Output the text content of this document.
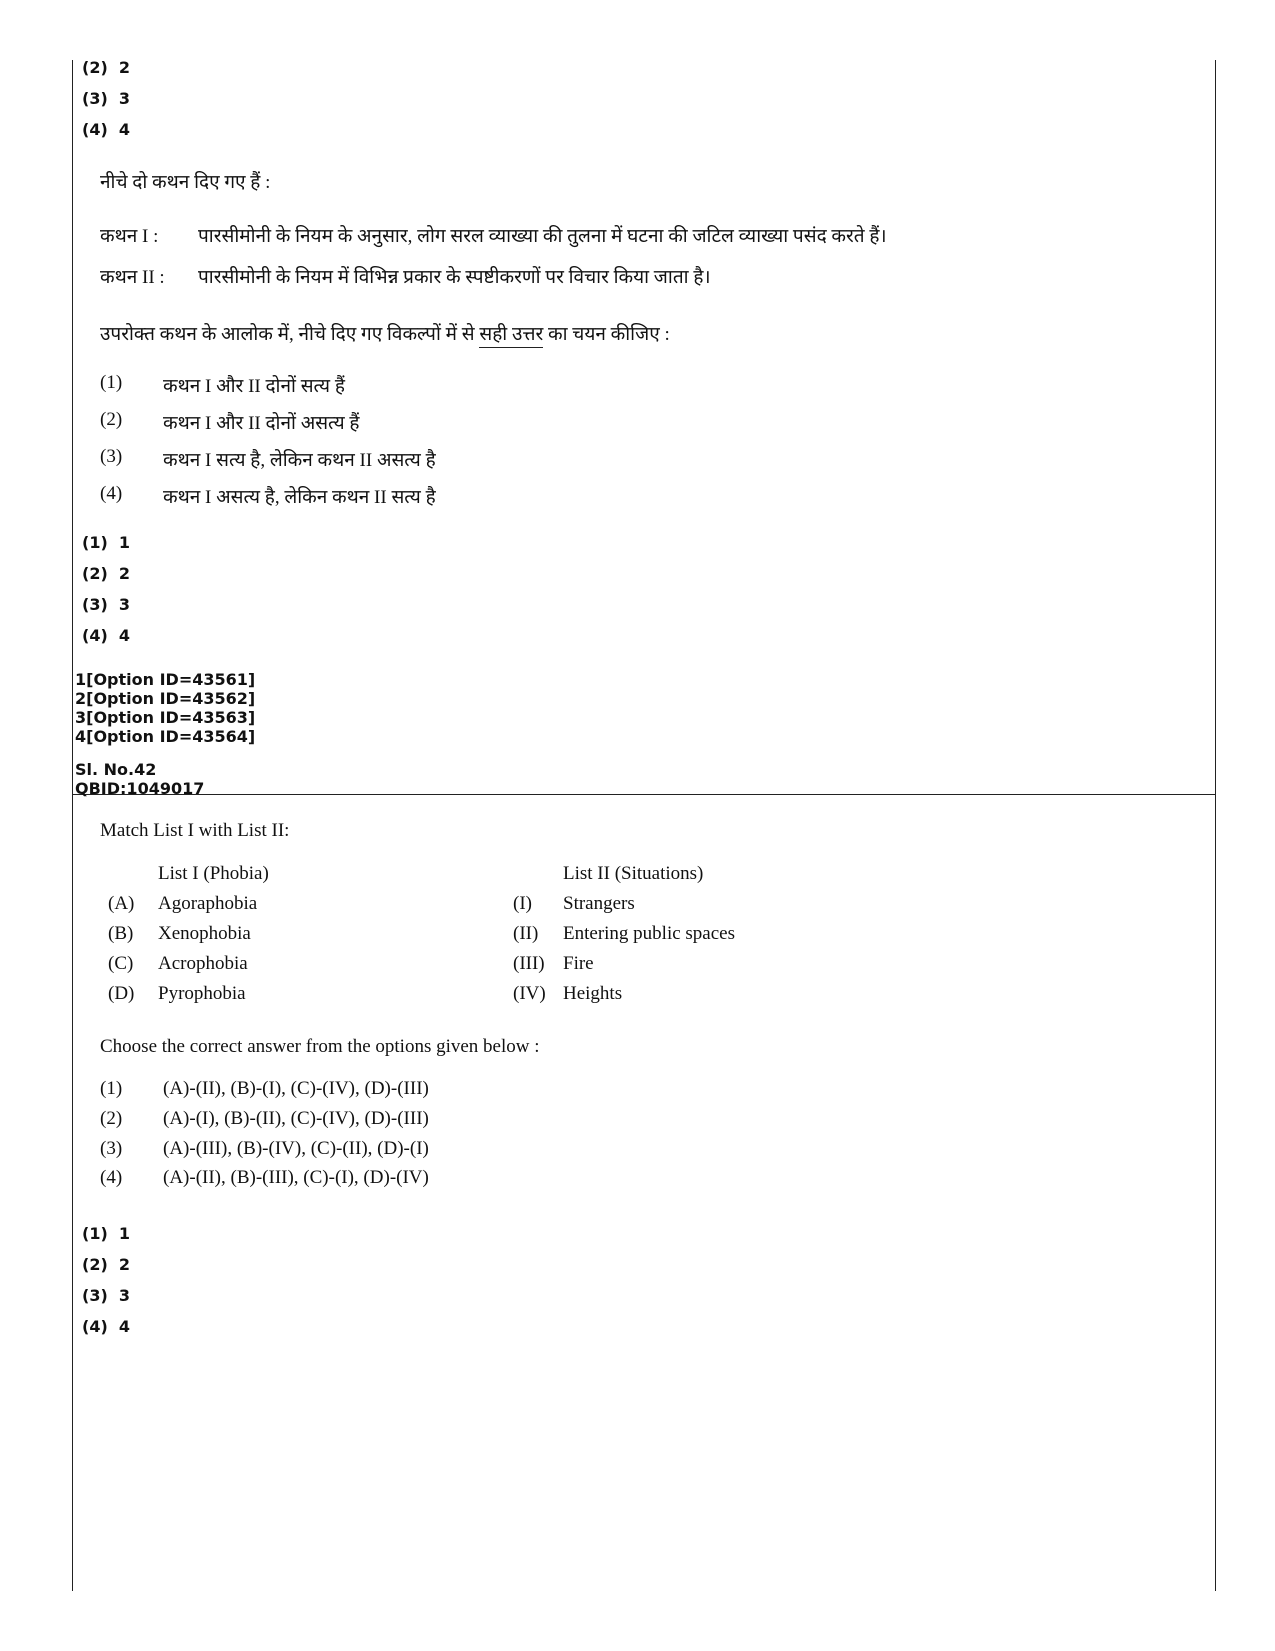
(2) 2
(3) 3
(4) 4
नीचे दो कथन दिए गए हैं :
कथन I : पारसीमोनी के नियम के अनुसार, लोग सरल व्याख्या की तुलना में घटना की जटिल व्याख्या पसंद करते हैं।
कथन II : पारसीमोनी के नियम में विभिन्न प्रकार के स्पष्टीकरणों पर विचार किया जाता है।
उपरोक्त कथन के आलोक में, नीचे दिए गए विकल्पों में से सही उत्तर का चयन कीजिए :
(1) कथन I और II दोनों सत्य हैं
(2) कथन I और II दोनों असत्य हैं
(3) कथन I सत्य है, लेकिन कथन II असत्य है
(4) कथन I असत्य है, लेकिन कथन II सत्य है
(1) 1
(2) 2
(3) 3
(4) 4
1[Option ID=43561]
2[Option ID=43562]
3[Option ID=43563]
4[Option ID=43564]
Sl. No.42
QBID:1049017
Match List I with List II:
List I (Phobia)	List II (Situations)
(A) Agoraphobia	(I) Strangers
(B) Xenophobia	(II) Entering public spaces
(C) Acrophobia	(III) Fire
(D) Pyrophobia	(IV) Heights
Choose the correct answer from the options given below :
(1) (A)-(II), (B)-(I), (C)-(IV), (D)-(III)
(2) (A)-(I), (B)-(II), (C)-(IV), (D)-(III)
(3) (A)-(III), (B)-(IV), (C)-(II), (D)-(I)
(4) (A)-(II), (B)-(III), (C)-(I), (D)-(IV)
(1) 1
(2) 2
(3) 3
(4) 4
